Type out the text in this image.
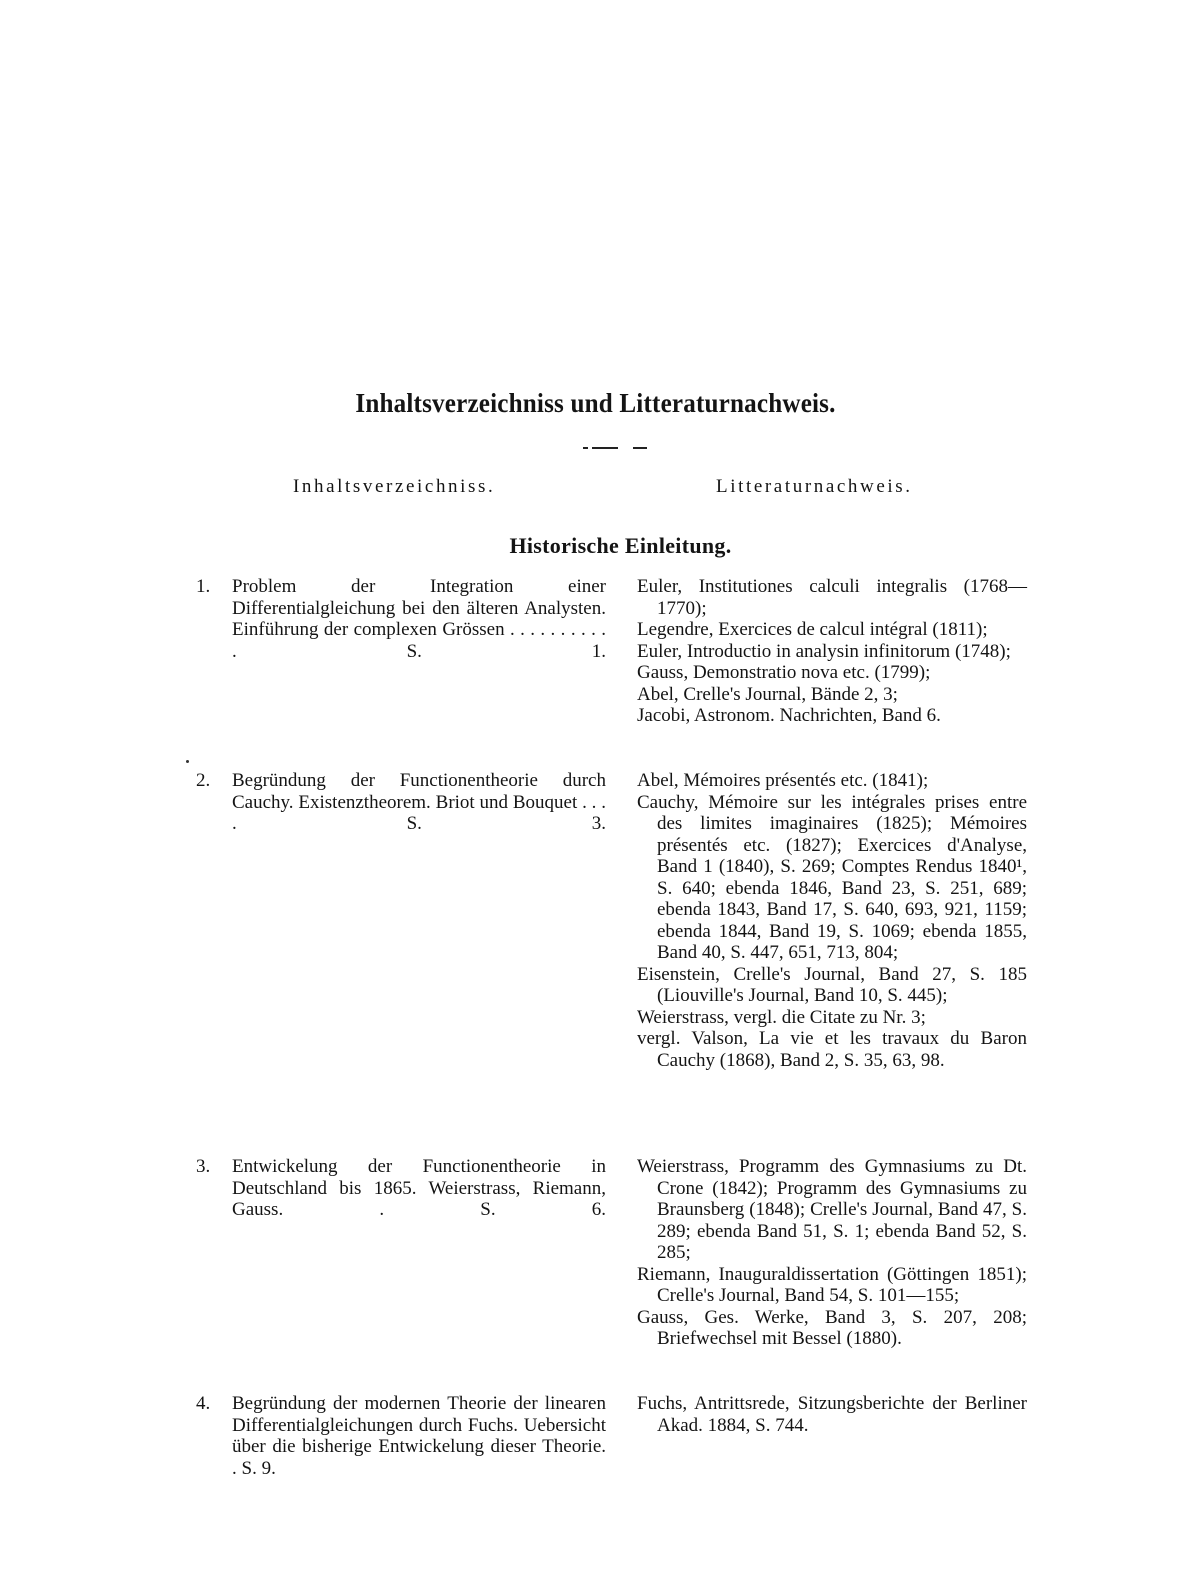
Inhaltsverzeichniss und Litteraturnachweis.
Inhaltsverzeichniss.	Litteraturnachweis.
Historische Einleitung.
1. Problem der Integration einer Differentialgleichung bei den älteren Analysten. Einführung der complexen Grössen . . . . . . . . . . . S. 1.
2. Begründung der Functionentheorie durch Cauchy. Existenztheorem. Briot und Bouquet . . . . S. 3.
3. Entwickelung der Functionentheorie in Deutschland bis 1865. Weierstrass, Riemann, Gauss. . S. 6.
4. Begründung der modernen Theorie der linearen Differentialgleichungen durch Fuchs. Uebersicht über die bisherige Entwickelung dieser Theorie. . S. 9.
Euler, Institutiones calculi integralis (1768—1770);
Legendre, Exercices de calcul intégral (1811);
Euler, Introductio in analysin infinitorum (1748);
Gauss, Demonstratio nova etc. (1799);
Abel, Crelle's Journal, Bände 2, 3;
Jacobi, Astronom. Nachrichten, Band 6.
Abel, Mémoires présentés etc. (1841);
Cauchy, Mémoire sur les intégrales prises entre des limites imaginaires (1825); Mémoires présentés etc. (1827); Exercices d'Analyse, Band 1 (1840), S. 269; Comptes Rendus 1840¹, S. 640; ebenda 1846, Band 23, S. 251, 689; ebenda 1843, Band 17, S. 640, 693, 921, 1159; ebenda 1844, Band 19, S. 1069; ebenda 1855, Band 40, S. 447, 651, 713, 804;
Eisenstein, Crelle's Journal, Band 27, S. 185 (Liouville's Journal, Band 10, S. 445);
Weierstrass, vergl. die Citate zu Nr. 3;
vergl. Valson, La vie et les travaux du Baron Cauchy (1868), Band 2, S. 35, 63, 98.
Weierstrass, Programm des Gymnasiums zu Dt. Crone (1842); Programm des Gymnasiums zu Braunsberg (1848); Crelle's Journal, Band 47, S. 289; ebenda Band 51, S. 1; ebenda Band 52, S. 285;
Riemann, Inauguraldissertation (Göttingen 1851); Crelle's Journal, Band 54, S. 101—155;
Gauss, Ges. Werke, Band 3, S. 207, 208; Briefwechsel mit Bessel (1880).
Fuchs, Antrittsrede, Sitzungsberichte der Berliner Akad. 1884, S. 744.
